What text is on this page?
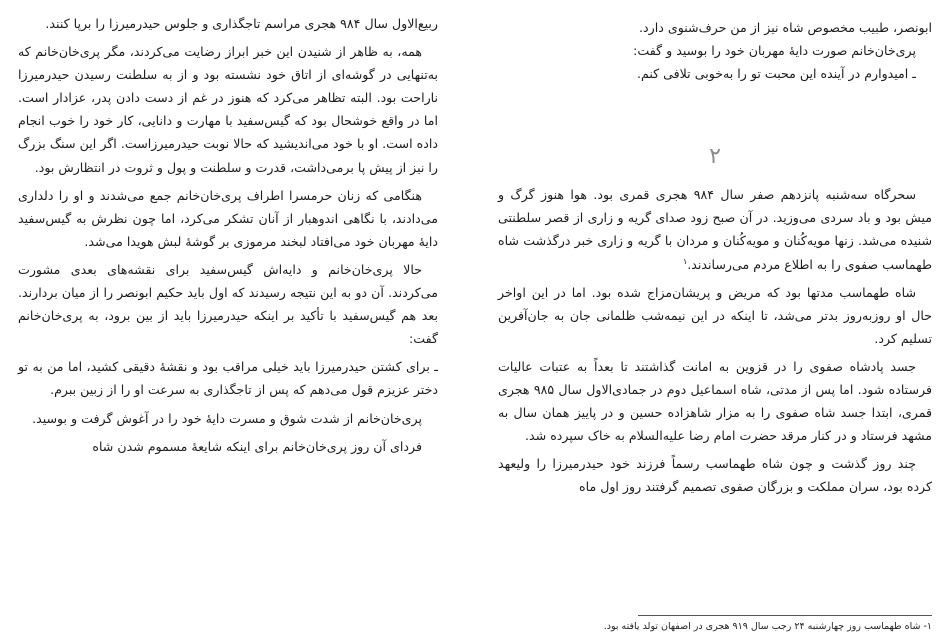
ربیع‌الاول سال ۹۸۴ هجری مراسم تاجگذاری و جلوس حیدرمیرزا را برپا کنند.

همه، به ظاهر از شنیدن این خبر ابراز رضایت می‌کردند، مگر پری‌خان‌خانم که به‌تنهایی در گوشه‌ای از اتاق خود نشسته بود و از به سلطنت رسیدن حیدرمیرزا ناراحت بود. البته تظاهر می‌کرد که هنوز در غم از دست دادن پدر، عزادار است. اما در واقع خوشحال بود که گیس‌سفید با مهارت و دانایی، کار خود را خوب انجام داده است. او با خود می‌اندیشید که حالا نوبت حیدرمیرزاست. اگر این سنگ بزرگ را نیز از پیش پا برمی‌داشت، قدرت و سلطنت و پول و ثروت در انتظارش بود.

هنگامی که زنان حرمسرا اطراف پری‌خان‌خانم جمع می‌شدند و او را دلداری می‌دادند، با نگاهی اندوهبار از آنان تشکر می‌کرد، اما چون نظرش به گیس‌سفید دایهٔ مهربان خود می‌افتاد لبخند مرموزی بر گوشهٔ لبش هویدا می‌شد.

حالا پری‌خان‌خانم و دایه‌اش گیس‌سفید برای نقشه‌های بعدی مشورت می‌کردند. آن دو به این نتیجه رسیدند که اول باید حکیم ابونصر را از میان بردارند. بعد هم گیس‌سفید با تأکید بر اینکه حیدرمیرزا باید از بین برود، به پری‌خان‌خانم گفت:

ـ برای کشتن حیدرمیرزا باید خیلی مراقب بود و نقشهٔ دقیقی کشید، اما من به تو دختر عزیزم قول می‌دهم که پس از تاجگذاری به سرعت او را از زبین ببرم.

پری‌خان‌خانم از شدت شوق و مسرت دایهٔ خود را در آغوش گرفت و بوسید.

فردای آن روز پری‌خان‌خانم برای اینکه شایعهٔ مسموم شدن شاه

ابونصر، طبیب مخصوص شاه نیز از من حرف‌شنوی دارد.

پری‌خان‌خانم صورت دایهٔ مهربان خود را بوسید و گفت:

ـ امیدوارم در آینده این محبت تو را به‌خوبی تلافی کنم.

۲

سحرگاه سه‌شنبه پانزدهم صفر سال ۹۸۴ هجری قمری بود. هوا هنوز گرگ و میش بود و باد سردی می‌وزید. در آن صبح زود صدای گریه و زاری از قصر سلطنتی شنیده می‌شد. زنها مویه‌کُنان و مویه‌کُنان و مردان با گریه و زاری خبر درگذشت شاه طهماسب صفوی را به اطلاع مردم می‌رساندند.$^۱$

شاه طهماسب مدتها بود که مریض و پریشان‌مزاج شده بود. اما در این اواخر حال او روزبه‌روز بدتر می‌شد، تا اینکه در این نیمه‌شب ظلمانی جان به جان‌آفرین تسلیم کرد.

جسد پادشاه صفوی را در قزوین به امانت گذاشتند تا بعداً به عتبات عالیات فرستاده شود. اما پس از مدتی، شاه اسماعیل دوم در جمادی‌الاول سال ۹۸۵ هجری قمری، ابتدا جسد شاه صفوی را به مزار شاهزاده حسین و در پاییز همان سال به مشهد فرستاد و در کنار مرقد حضرت امام رضا علیه‌السلام به خاک سپرده شد.

چند روز گذشت و چون شاه طهماسب رسماً فرزند خود حیدرمیرزا را ولیعهد کرده بود، سران مملکت و بزرگان صفوی تصمیم گرفتند روز اول ماه

۱- شاه طهماسب روز چهارشنبه ۲۴ رجب سال ۹۱۹ هجری در اصفهان تولد یافته بود.
